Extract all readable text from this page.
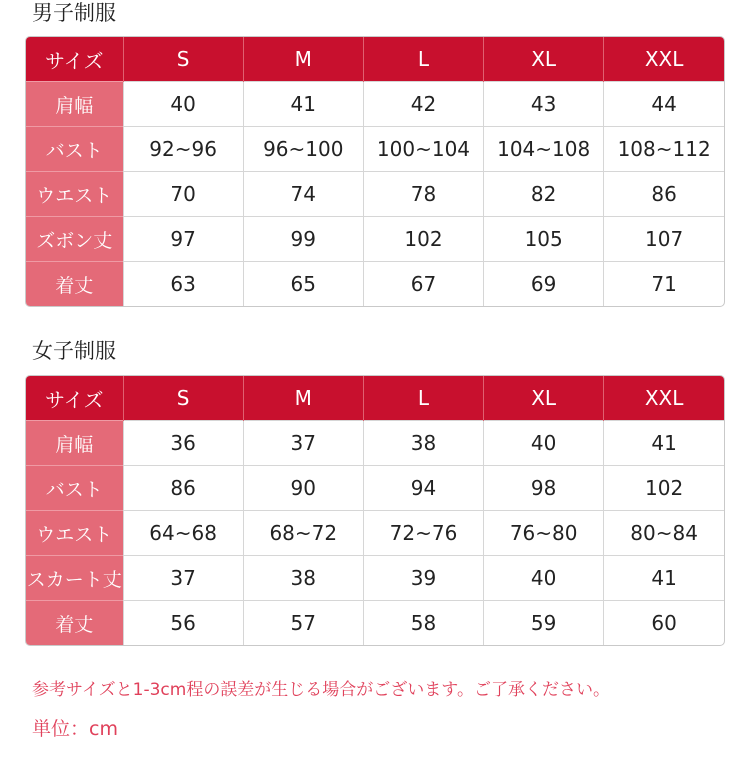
男子制服
サイズ	S	M	L	XL	XXL
肩幅	40	41	42	43	44
バスト	92~96	96~100	100~104	104~108	108~112
ウエスト	70	74	78	82	86
ズボン丈	97	99	102	105	107
着丈	63	65	67	69	71
女子制服
サイズ	S	M	L	XL	XXL
肩幅	36	37	38	40	41
バスト	86	90	94	98	102
ウエスト	64~68	68~72	72~76	76~80	80~84
スカート丈	37	38	39	40	41
着丈	56	57	58	59	60

参考サイズと1-3cm程の誤差が生じる場合がございます。ご了承ください。

単位：cm
